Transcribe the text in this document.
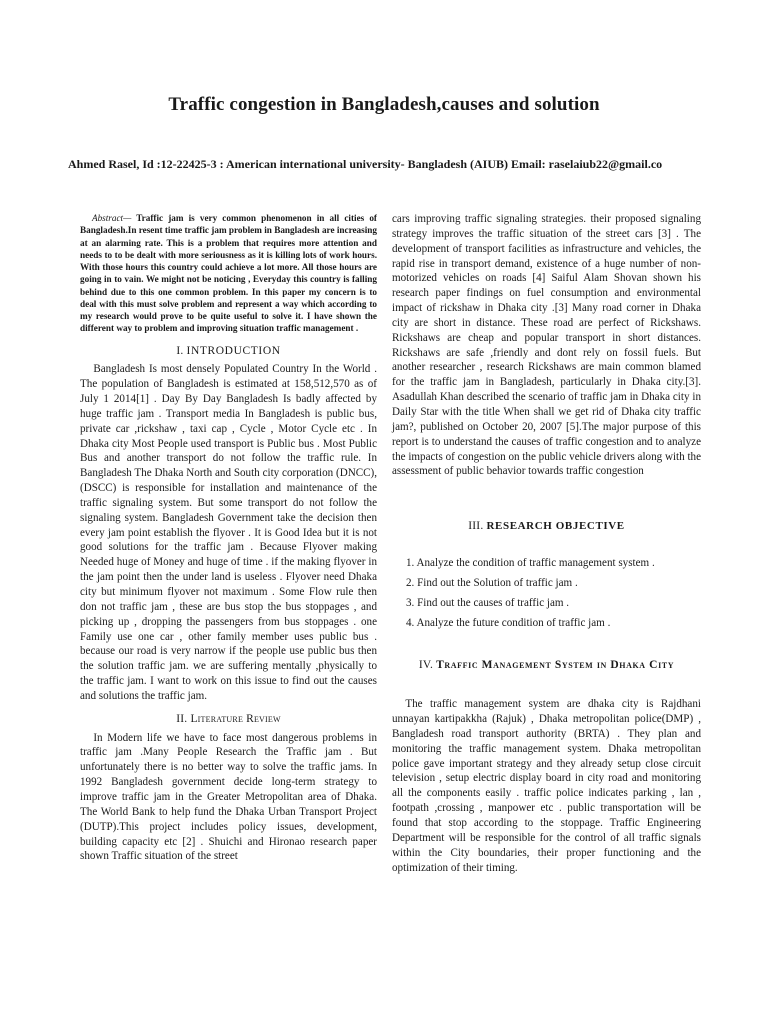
Traffic congestion in Bangladesh,causes and solution
Ahmed Rasel, Id :12-22425-3 : American international university- Bangladesh (AIUB) Email: raselaiub22@gmail.co

Abstract— Traffic jam is very common phenomenon in all cities of Bangladesh.In resent time traffic jam problem in Bangladesh are increasing at an alarming rate. This is a problem that requires more attention and needs to to be dealt with more seriousness as it is killing lots of work hours. With those hours this country could achieve a lot more. All those hours are going in to vain. We might not be noticing , Everyday this country is falling behind due to this one common problem. In this paper my concern is to deal with this must solve problem and represent a way which according to my research would prove to be quite useful to solve it. I have shown the different way to problem and improving situation traffic management .

I. INTRODUCTION

Bangladesh Is most densely Populated Country In the World . The population of Bangladesh is estimated at 158,512,570 as of July 1 2014[1] . Day By Day Bangladesh Is badly affected by huge traffic jam . Transport media In Bangladesh is public bus, private car ,rickshaw , taxi cap , Cycle , Motor Cycle etc . In Dhaka city Most People used transport is Public bus . Most Public Bus and another transport do not follow the traffic rule. In Bangladesh The Dhaka North and South city corporation (DNCC),(DSCC) is responsible for installation and maintenance of the traffic signaling system. But some transport do not follow the signaling system. Bangladesh Government take the decision then every jam point establish the flyover . It is Good Idea but it is not good solutions for the traffic jam . Because Flyover making Needed huge of Money and huge of time . if the making flyover in the jam point then the under land is useless . Flyover need Dhaka city but minimum flyover not maximum . Some Flow rule then don not traffic jam , these are bus stop the bus stoppages , and picking up , dropping the passengers from bus stoppages . one Family use one car , other family member uses public bus . because our road is very narrow if the people use public bus then the solution traffic jam. we are suffering mentally ,physically to the traffic jam. I want to work on this issue to find out the causes and solutions the traffic jam.

II. Literature Review

In Modern life we have to face most dangerous problems in traffic jam .Many People Research the Traffic jam . But unfortunately there is no better way to solve the traffic jams. In 1992 Bangladesh government decide long-term strategy to improve traffic jam in the Greater Metropolitan area of Dhaka. The World Bank to help fund the Dhaka Urban Transport Project (DUTP).This project includes policy issues, development, building capacity etc [2] . Shuichi and Hironao research paper shown Traffic situation of the street

cars improving traffic signaling strategies. their proposed signaling strategy improves the traffic situation of the street cars [3] . The development of transport facilities as infrastructure and vehicles, the rapid rise in transport demand, existence of a huge number of non-motorized vehicles on roads [4] Saiful Alam Shovan shown his research paper findings on fuel consumption and environmental impact of rickshaw in Dhaka city .[3] Many road corner in Dhaka city are short in distance. These road are perfect of Rickshaws. Rickshaws are cheap and popular transport in short distances. Rickshaws are safe ,friendly and dont rely on fossil fuels. But another researcher , research Rickshaws are main common blamed for the traffic jam in Bangladesh, particularly in Dhaka city.[3]. Asadullah Khan described the scenario of traffic jam in Dhaka city in Daily Star with the title When shall we get rid of Dhaka city traffic jam?, published on October 20, 2007 [5].The major purpose of this report is to understand the causes of traffic congestion and to analyze the impacts of congestion on the public vehicle drivers along with the assessment of public behavior towards traffic congestion

III. RESEARCH OBJECTIVE
1. Analyze the condition of traffic management system .
2. Find out the Solution of traffic jam .
3. Find out the causes of traffic jam .
4. Analyze the future condition of traffic jam .
IV. Traffic Management System in Dhaka City

The traffic management system are dhaka city is Rajdhani unnayan kartipakkha (Rajuk) , Dhaka metropolitan police(DMP) , Bangladesh road transport authority (BRTA) . They plan and monitoring the traffic management system. Dhaka metropolitan police gave important strategy and they already setup close circuit television , setup electric display board in city road and monitoring all the components easily . traffic police indicates parking , lan , footpath ,crossing , manpower etc . public transportation will be found that stop according to the stoppage. Traffic Engineering Department will be responsible for the control of all traffic signals within the City boundaries, their proper functioning and the optimization of their timing.
